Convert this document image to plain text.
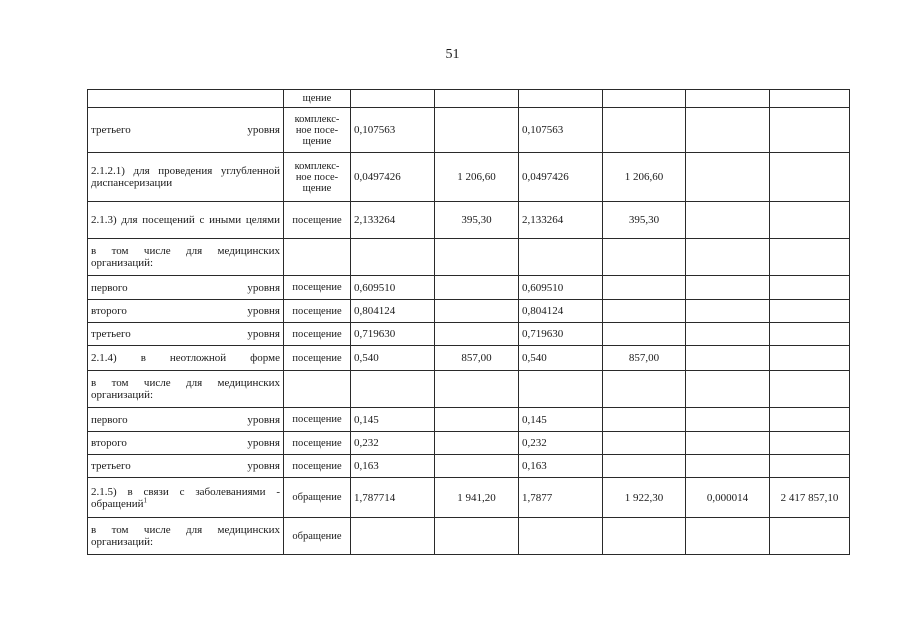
51
	щение						
третьего уровня	комплекс-ное посе-щение	0,107563		0,107563			
2.1.2.1) для проведения углубленной диспансеризации	комплекс-ное посе-щение	0,0497426	1 206,60	0,0497426	1 206,60		
2.1.3) для посещений с иными целями	посещение	2,133264	395,30	2,133264	395,30		
в том числе для медицинских организаций:							
первого уровня	посещение	0,609510		0,609510			
второго уровня	посещение	0,804124		0,804124			
третьего уровня	посещение	0,719630		0,719630			
2.1.4) в неотложной форме	посещение	0,540	857,00	0,540	857,00		
в том числе для медицинских организаций:							
первого уровня	посещение	0,145		0,145			
второго уровня	посещение	0,232		0,232			
третьего уровня	посещение	0,163		0,163			
2.1.5) в связи с заболеваниями - обращений$^1$	обращение	1,787714	1 941,20	1,7877	1 922,30	0,000014	2 417 857,10
в том числе для медицинских организаций:	обращение						
